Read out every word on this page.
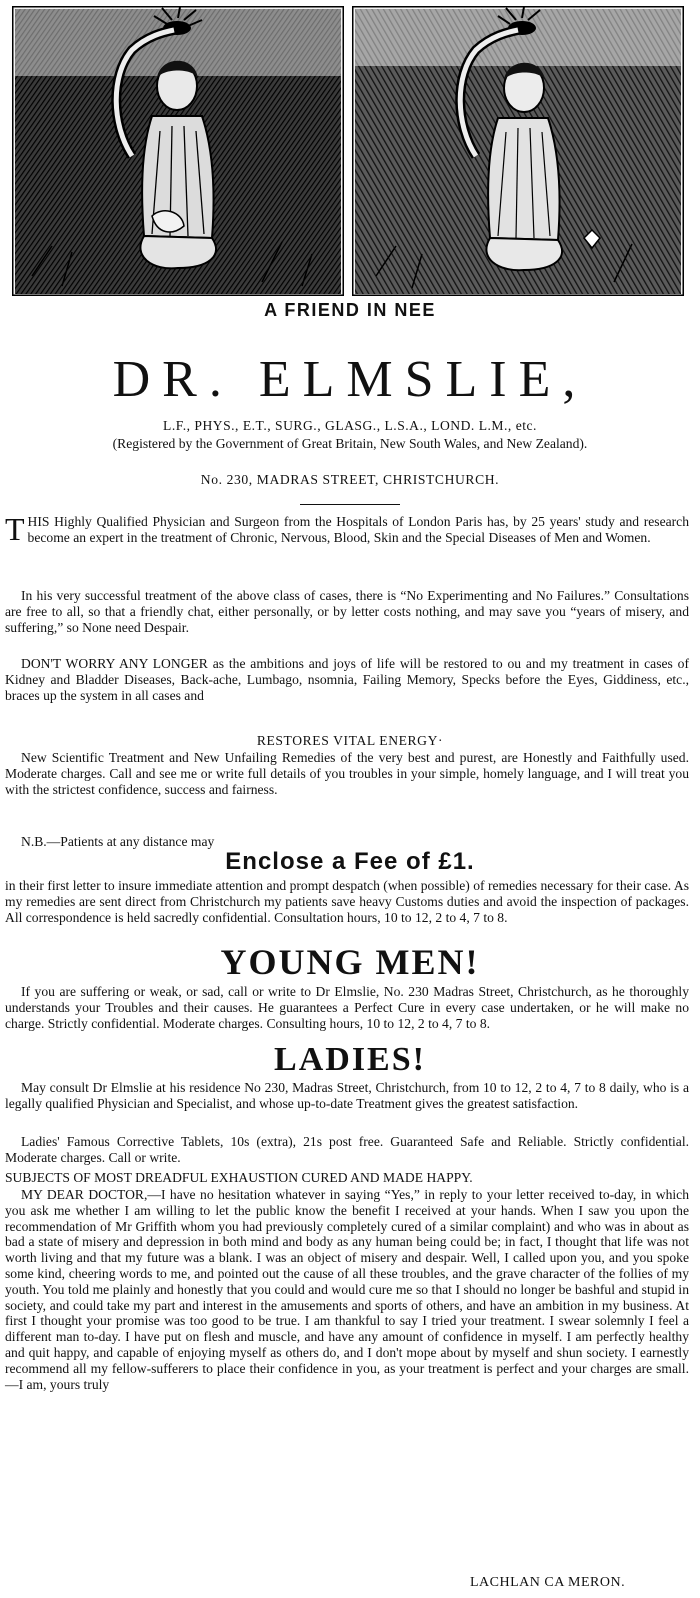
A FRIEND IN NEE
DR. ELMSLIE,
L.F., PHYS., E.T., SURG., GLASG., L.S.A., LOND. L.M., etc.
(Registered by the Government of Great Britain, New South Wales, and New Zealand).
No. 230, MADRAS STREET, CHRISTCHURCH.
THIS Highly Qualified Physician and Surgeon from the Hospitals of London Paris has, by 25 years' study and research become an expert in the treatment of Chronic, Nervous, Blood, Skin and the Special Diseases of Men and Women.
In his very successful treatment of the above class of cases, there is “No Experimenting and No Failures.” Consultations are free to all, so that a friendly chat, either personally, or by letter costs nothing, and may save you “years of misery, and suffering,” so None need Despair.
DON'T WORRY ANY LONGER as the ambitions and joys of life will be restored to ou and my treatment in cases of Kidney and Bladder Diseases, Back-ache, Lumbago, nsomnia, Failing Memory, Specks before the Eyes, Giddiness, etc., braces up the system in all cases and
RESTORES VITAL ENERGY·
New Scientific Treatment and New Unfailing Remedies of the very best and purest, are Honestly and Faithfully used. Moderate charges. Call and see me or write full details of you troubles in your simple, homely language, and I will treat you with the strictest confidence, success and fairness.
N.B.—Patients at any distance may
Enclose a Fee of £1.
in their first letter to insure immediate attention and prompt despatch (when possible) of remedies necessary for their case. As my remedies are sent direct from Christchurch my patients save heavy Customs duties and avoid the inspection of packages. All correspondence is held sacredly confidential. Consultation hours, 10 to 12, 2 to 4, 7 to 8.
YOUNG MEN!
If you are suffering or weak, or sad, call or write to Dr Elmslie, No. 230 Madras Street, Christchurch, as he thoroughly understands your Troubles and their causes. He guarantees a Perfect Cure in every case undertaken, or he will make no charge. Strictly confidential. Moderate charges. Consulting hours, 10 to 12, 2 to 4, 7 to 8.
LADIES!
May consult Dr Elmslie at his residence No 230, Madras Street, Christchurch, from 10 to 12, 2 to 4, 7 to 8 daily, who is a legally qualified Physician and Specialist, and whose up-to-date Treatment gives the greatest satisfaction.
Ladies' Famous Corrective Tablets, 10s (extra), 21s post free. Guaranteed Safe and Reliable. Strictly confidential. Moderate charges. Call or write.
SUBJECTS OF MOST DREADFUL EXHAUSTION CURED AND MADE HAPPY.
MY DEAR DOCTOR,—I have no hesitation whatever in saying “Yes,” in reply to your letter received to-day, in which you ask me whether I am willing to let the public know the benefit I received at your hands. When I saw you upon the recommendation of Mr Griffith whom you had previously completely cured of a similar complaint) and who was in about as bad a state of misery and depression in both mind and body as any human being could be; in fact, I thought that life was not worth living and that my future was a blank. I was an object of misery and despair. Well, I called upon you, and you spoke some kind, cheering words to me, and pointed out the cause of all these troubles, and the grave character of the follies of my youth. You told me plainly and honestly that you could and would cure me so that I should no longer be bashful and stupid in society, and could take my part and interest in the amusements and sports of others, and have an ambition in my business. At first I thought your promise was too good to be true. I am thankful to say I tried your treatment. I swear solemnly I feel a different man to-day. I have put on flesh and muscle, and have any amount of confidence in myself. I am perfectly healthy and quit happy, and capable of enjoying myself as others do, and I don't mope about by myself and shun society. I earnestly recommend all my fellow-sufferers to place their confidence in you, as your treatment is perfect and your charges are small.—I am, yours truly
LACHLAN CA MERON.
